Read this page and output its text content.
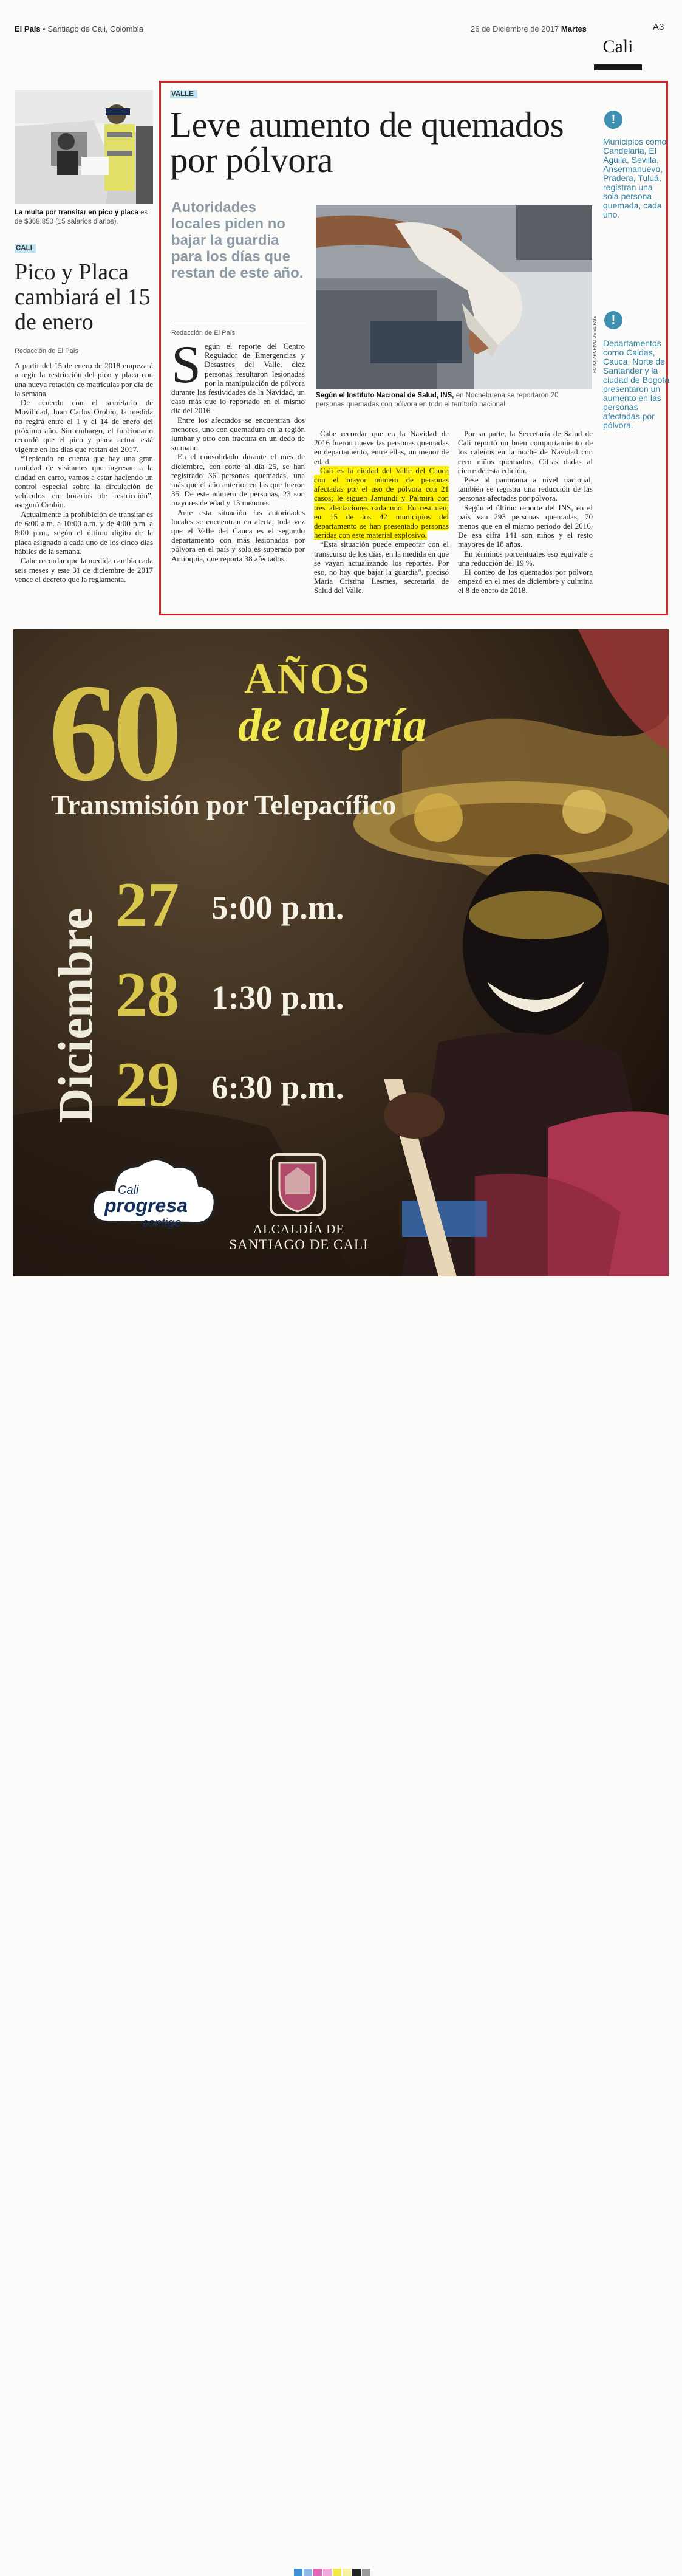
El País • Santiago de Cali, Colombia	26 de Diciembre de 2017 Martes	A3
Cali
La multa por transitar en pico y placa es de $368.850 (15 salarios diarios).
CALI
Pico y Placa cambiará el 15 de enero
Redacción de El País

A partir del 15 de enero de 2018 empezará a regir la restricción del pico y placa con una nueva rotación de matrículas por día de la semana.

De acuerdo con el secretario de Movilidad, Juan Carlos Orobio, la medida no regirá entre el 1 y el 14 de enero del próximo año. Sin embargo, el funcionario recordó que el pico y placa actual está vigente en los días que restan del 2017.

“Teniendo en cuenta que hay una gran cantidad de visitantes que ingresan a la ciudad en carro, vamos a estar haciendo un control especial sobre la circulación de vehículos en horarios de restricción”, aseguró Orobio.

Actualmente la prohibición de transitar es de 6:00 a.m. a 10:00 a.m. y de 4:00 p.m. a 8:00 p.m., según el último dígito de la placa asignado a cada uno de los cinco días hábiles de la semana.

Cabe recordar que la medida cambia cada seis meses y este 31 de diciembre de 2017 vence el decreto que la reglamenta.

VALLE
Leve aumento de quemados por pólvora
Autoridades locales piden no bajar la guardia para los días que restan de este año.
Redacción de El País	FOTO: ARCHIVO DE EL PAÍS
Según el Instituto Nacional de Salud, INS, en Nochebuena se reportaron 20 personas quemadas con pólvora en todo el territorio nacional.
S egún el reporte del Centro Regulador de Emergencias y Desastres del Valle, diez personas resultaron lesionadas por la manipulación de pólvora durante las festividades de la Navidad, un caso más que lo reportado en el mismo día del 2016.

Entre los afectados se encuentran dos menores, uno con quemadura en la región lumbar y otro con fractura en un dedo de su mano.

En el consolidado durante el mes de diciembre, con corte al día 25, se han registrado 36 personas quemadas, una más que el año anterior en las que fueron 35. De este número de personas, 23 son mayores de edad y 13 menores.

Ante esta situación las autoridades locales se encuentran en alerta, toda vez que el Valle del Cauca es el segundo departamento con más lesionados por pólvora en el país y solo es superado por Antioquia, que reporta 38 afectados.

Cabe recordar que en la Navidad de 2016 fueron nueve las personas quemadas en departamento, entre ellas, un menor de edad.

Cali es la ciudad del Valle del Cauca con el mayor número de personas afectadas por el uso de pólvora con 21 casos; le siguen Jamundí y Palmira con tres afectaciones cada uno. En resumen; en 15 de los 42 municipios del departamento se han presentado personas heridas con este material explosivo.

“Esta situación puede empeorar con el transcurso de los días, en la medida en que se vayan actualizando los reportes. Por eso, no hay que bajar la guardia”, precisó María Cristina Lesmes, secretaria de Salud del Valle.

Por su parte, la Secretaría de Salud de Cali reportó un buen comportamiento de los caleños en la noche de Navidad con cero niños quemados. Cifras dadas al cierre de esta edición.

Pese al panorama a nivel nacional, también se registra una reducción de las personas afectadas por pólvora.

Según el último reporte del INS, en el país van 293 personas quemadas, 70 menos que en el mismo periodo del 2016. De esa cifra 141 son niños y el resto mayores de 18 años.

En términos porcentuales eso equivale a una reducción del 19 %.

El conteo de los quemados por pólvora empezó en el mes de diciembre y culmina el 8 de enero de 2018.

!
Municipios como Candelaria, El Águila, Sevilla, Ansermanuevo, Pradera, Tuluá, registran una sola persona quemada, cada uno.
!
Departamentos como Caldas, Cauca, Norte de Santander y la ciudad de Bogotá presentaron un aumento en las personas afectadas por pólvora.
60 AÑOS
de alegría
Transmisión por Telepacífico
Diciembre
27 5:00 p.m.
28 1:30 p.m.
29 6:30 p.m.
Cali
progresa
contigo	ALCALDÍA DE
SANTIAGO DE CALI
